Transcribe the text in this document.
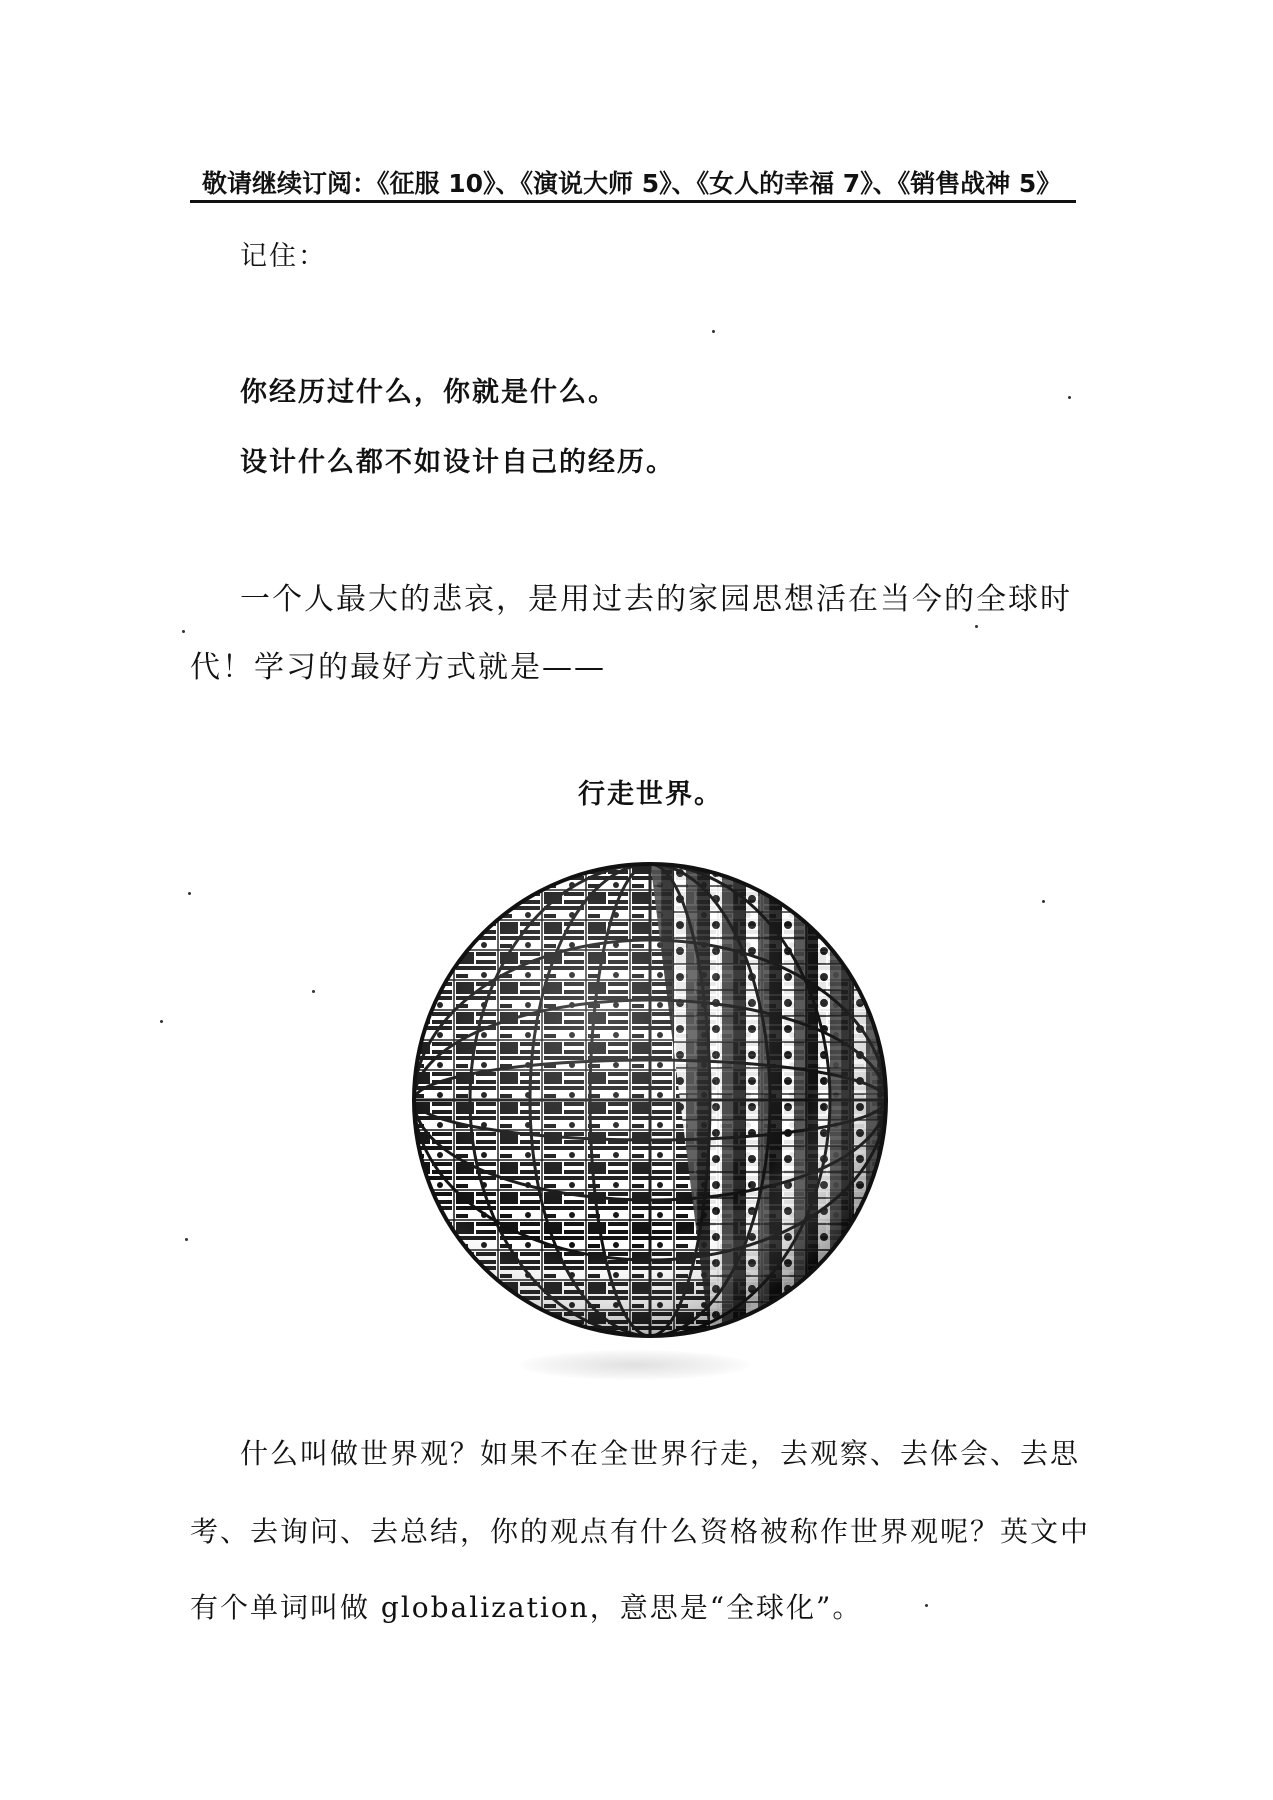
敬请继续订阅：《征服 10》、《演说大师 5》、《女人的幸福 7》、《销售战神 5》
记住：
你经历过什么，你就是什么。
设计什么都不如设计自己的经历。
一个人最大的悲哀，是用过去的家园思想活在当今的全球时
代！学习的最好方式就是——
行走世界。
什么叫做世界观？如果不在全世界行走，去观察、去体会、去思
考、去询问、去总结，你的观点有什么资格被称作世界观呢？英文中
有个单词叫做 globalization，意思是“全球化”。
